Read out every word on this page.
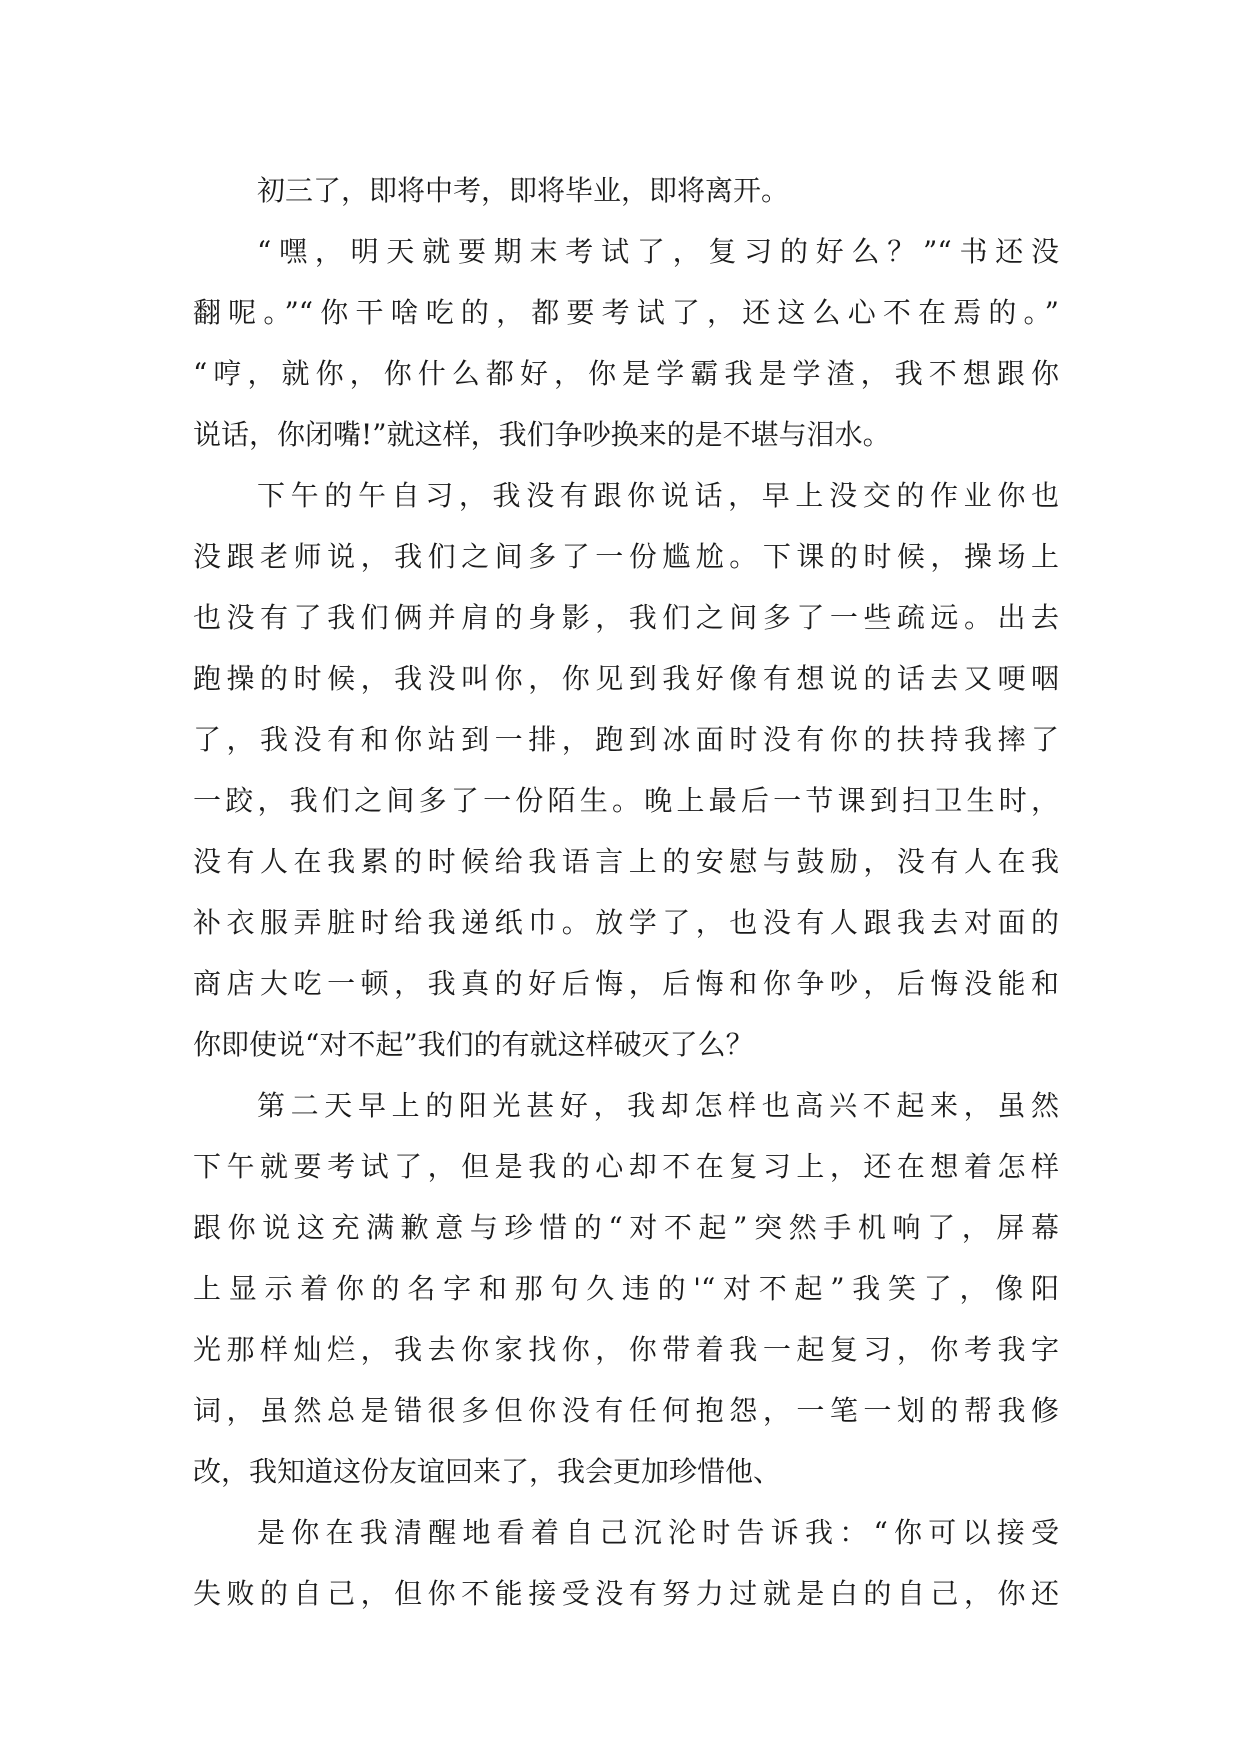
初三了，即将中考，即将毕业，即将离开。
“嘿，明天就要期末考试了，复习的好么？”“书还没
翻呢。”“你干啥吃的，都要考试了，还这么心不在焉的。”
“哼，就你，你什么都好，你是学霸我是学渣，我不想跟你
说话，你闭嘴!”就这样，我们争吵换来的是不堪与泪水。
下午的午自习，我没有跟你说话，早上没交的作业你也
没跟老师说，我们之间多了一份尴尬。下课的时候，操场上
也没有了我们俩并肩的身影，我们之间多了一些疏远。出去
跑操的时候，我没叫你，你见到我好像有想说的话去又哽咽
了，我没有和你站到一排，跑到冰面时没有你的扶持我摔了
一跤，我们之间多了一份陌生。晚上最后一节课到扫卫生时，
没有人在我累的时候给我语言上的安慰与鼓励，没有人在我
补衣服弄脏时给我递纸巾。放学了，也没有人跟我去对面的
商店大吃一顿，我真的好后悔，后悔和你争吵，后悔没能和
你即使说“对不起”我们的有就这样破灭了么？
第二天早上的阳光甚好，我却怎样也高兴不起来，虽然
下午就要考试了，但是我的心却不在复习上，还在想着怎样
跟你说这充满歉意与珍惜的“对不起”突然手机响了，屏幕
上显示着你的名字和那句久违的'“对不起”我笑了，像阳
光那样灿烂，我去你家找你，你带着我一起复习，你考我字
词，虽然总是错很多但你没有任何抱怨，一笔一划的帮我修
改，我知道这份友谊回来了，我会更加珍惜他、
是你在我清醒地看着自己沉沦时告诉我：“你可以接受
失败的自己，但你不能接受没有努力过就是白的自己，你还
